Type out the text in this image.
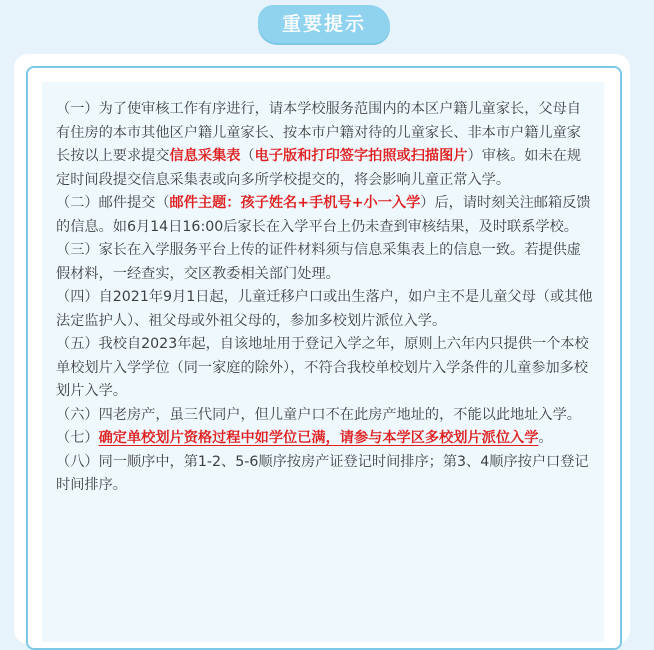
重要提示

（一）为了使审核工作有序进行，请本学校服务范围内的本区户籍儿童家长，父母自有住房的本市其他区户籍儿童家长、按本市户籍对待的儿童家长、非本市户籍儿童家长按以上要求提交信息采集表（电子版和打印签字拍照或扫描图片）审核。如未在规定时间段提交信息采集表或向多所学校提交的，将会影响儿童正常入学。

（二）邮件提交（邮件主题：孩子姓名+手机号+小一入学）后，请时刻关注邮箱反馈的信息。如6月14日16:00后家长在入学平台上仍未查到审核结果，及时联系学校。

（三）家长在入学服务平台上传的证件材料须与信息采集表上的信息一致。若提供虚假材料，一经查实，交区教委相关部门处理。

（四）自2021年9月1日起，儿童迁移户口或出生落户，如户主不是儿童父母（或其他法定监护人）、祖父母或外祖父母的，参加多校划片派位入学。

（五）我校自2023年起，自该地址用于登记入学之年，原则上六年内只提供一个本校单校划片入学学位（同一家庭的除外），不符合我校单校划片入学条件的儿童参加多校划片入学。

（六）四老房产，虽三代同户，但儿童户口不在此房产地址的，不能以此地址入学。

（七）确定单校划片资格过程中如学位已满，请参与本学区多校划片派位入学。

（八）同一顺序中，第1-2、5-6顺序按房产证登记时间排序；第3、4顺序按户口登记时间排序。
